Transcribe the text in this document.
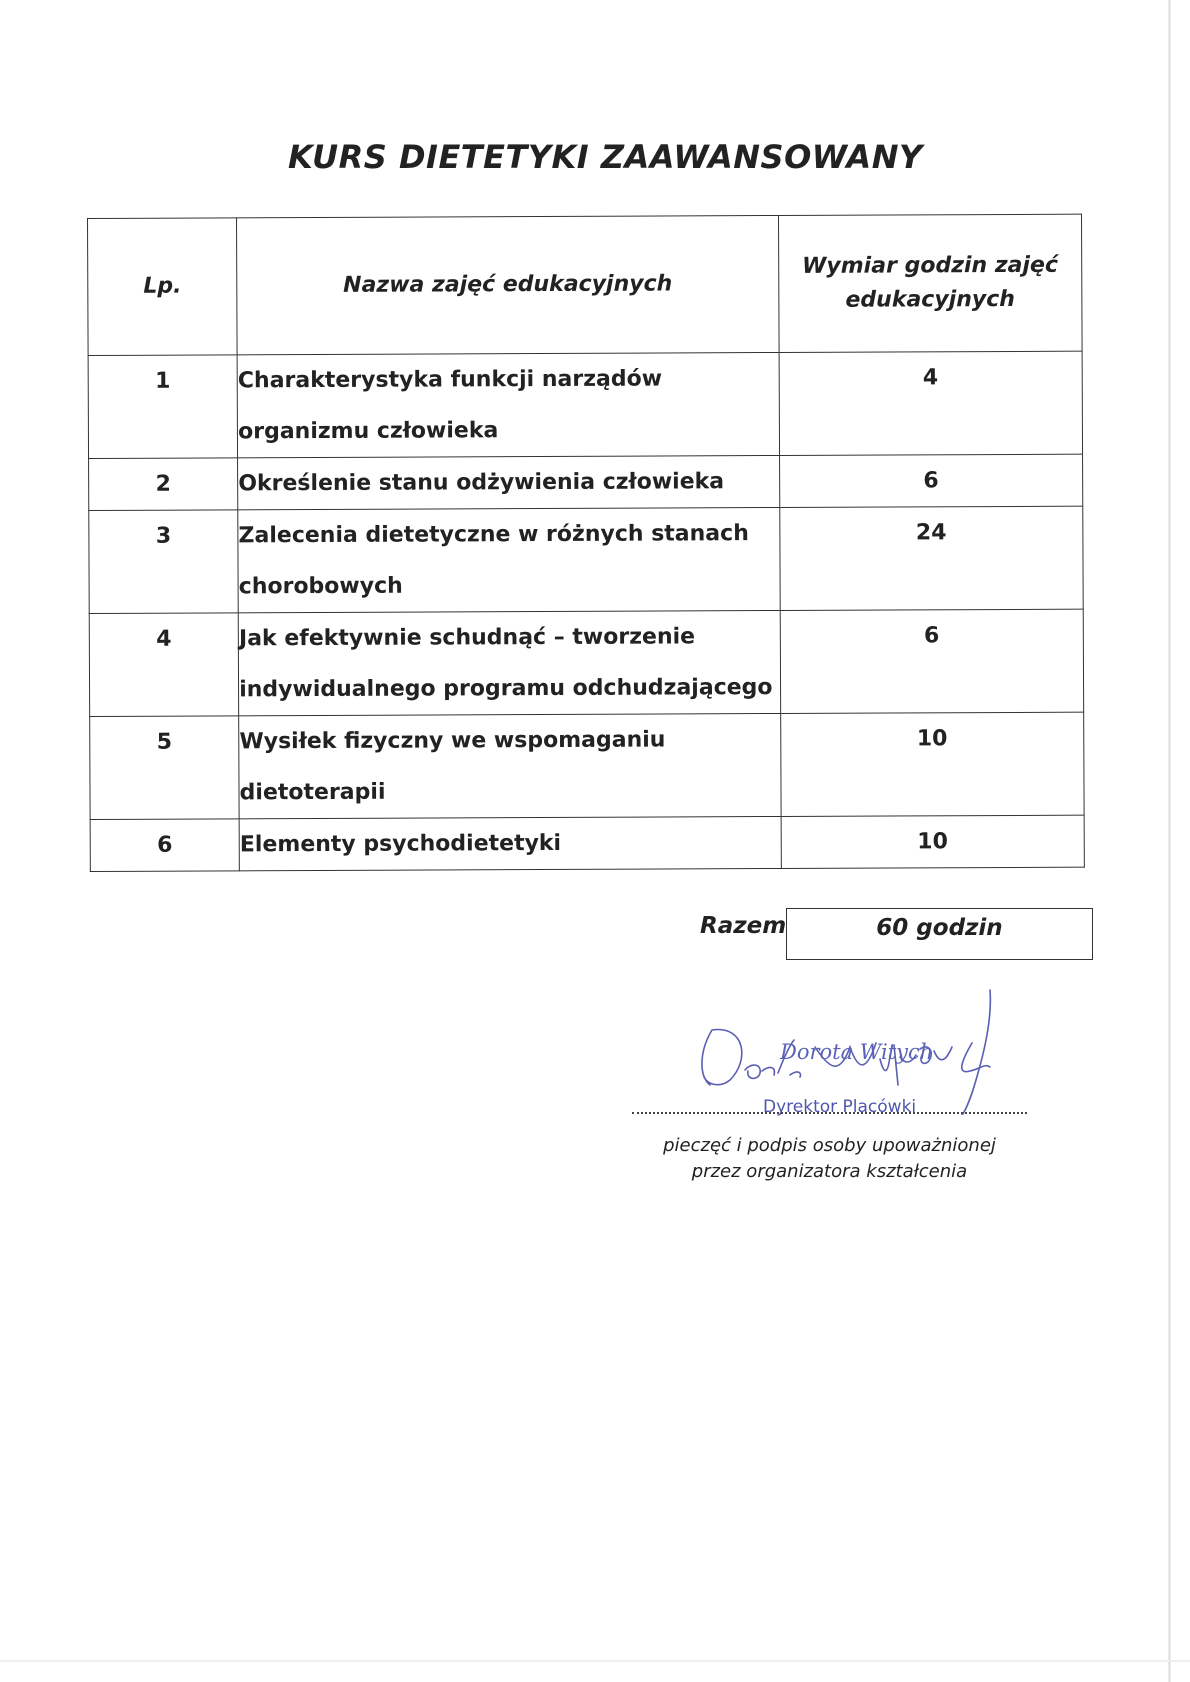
KURS DIETETYKI ZAAWANSOWANY
Lp.	Nazwa zajęć edukacyjnych	Wymiar godzin zajęć
edukacyjnych
1	Charakterystyka funkcji narządów organizmu człowieka	4
2	Określenie stanu odżywienia człowieka	6
3	Zalecenia dietetyczne w różnych stanach chorobowych	24
4	Jak efektywnie schudnąć – tworzenie indywidualnego programu odchudzającego	6
5	Wysiłek fizyczny we wspomaganiu dietoterapii	10
6	Elementy psychodietetyki	10
Razem	60 godzin
Dorota Witych
Dyrektor Placówki
pieczęć i podpis osoby upoważnionej
przez organizatora kształcenia
